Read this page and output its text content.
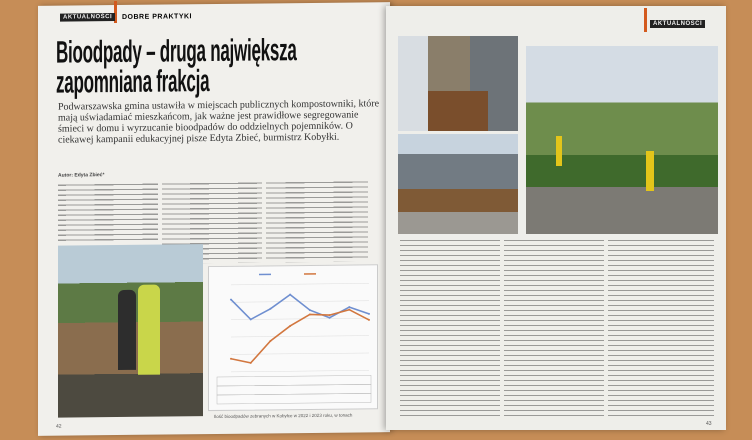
AKTUALNOŚCI	DOBRE PRAKTYKI
Bioodpady – druga największa zapomniana frakcja
Podwarszawska gmina ustawiła w miejscach publicznych kompostowniki, które mają uświadamiać mieszkańcom, jak ważne jest prawidłowe segregowanie śmieci w domu i wyrzucanie bioodpadów do oddzielnych pojemników. O ciekawej kampanii edukacyjnej pisze Edyta Zbieć, burmistrz Kobyłki.
Autor: Edyta Zbieć*
Ilość bioodpadów zebranych w Kobyłce w 2022 i 2023 roku, w tonach
42
AKTUALNOŚCI
43
